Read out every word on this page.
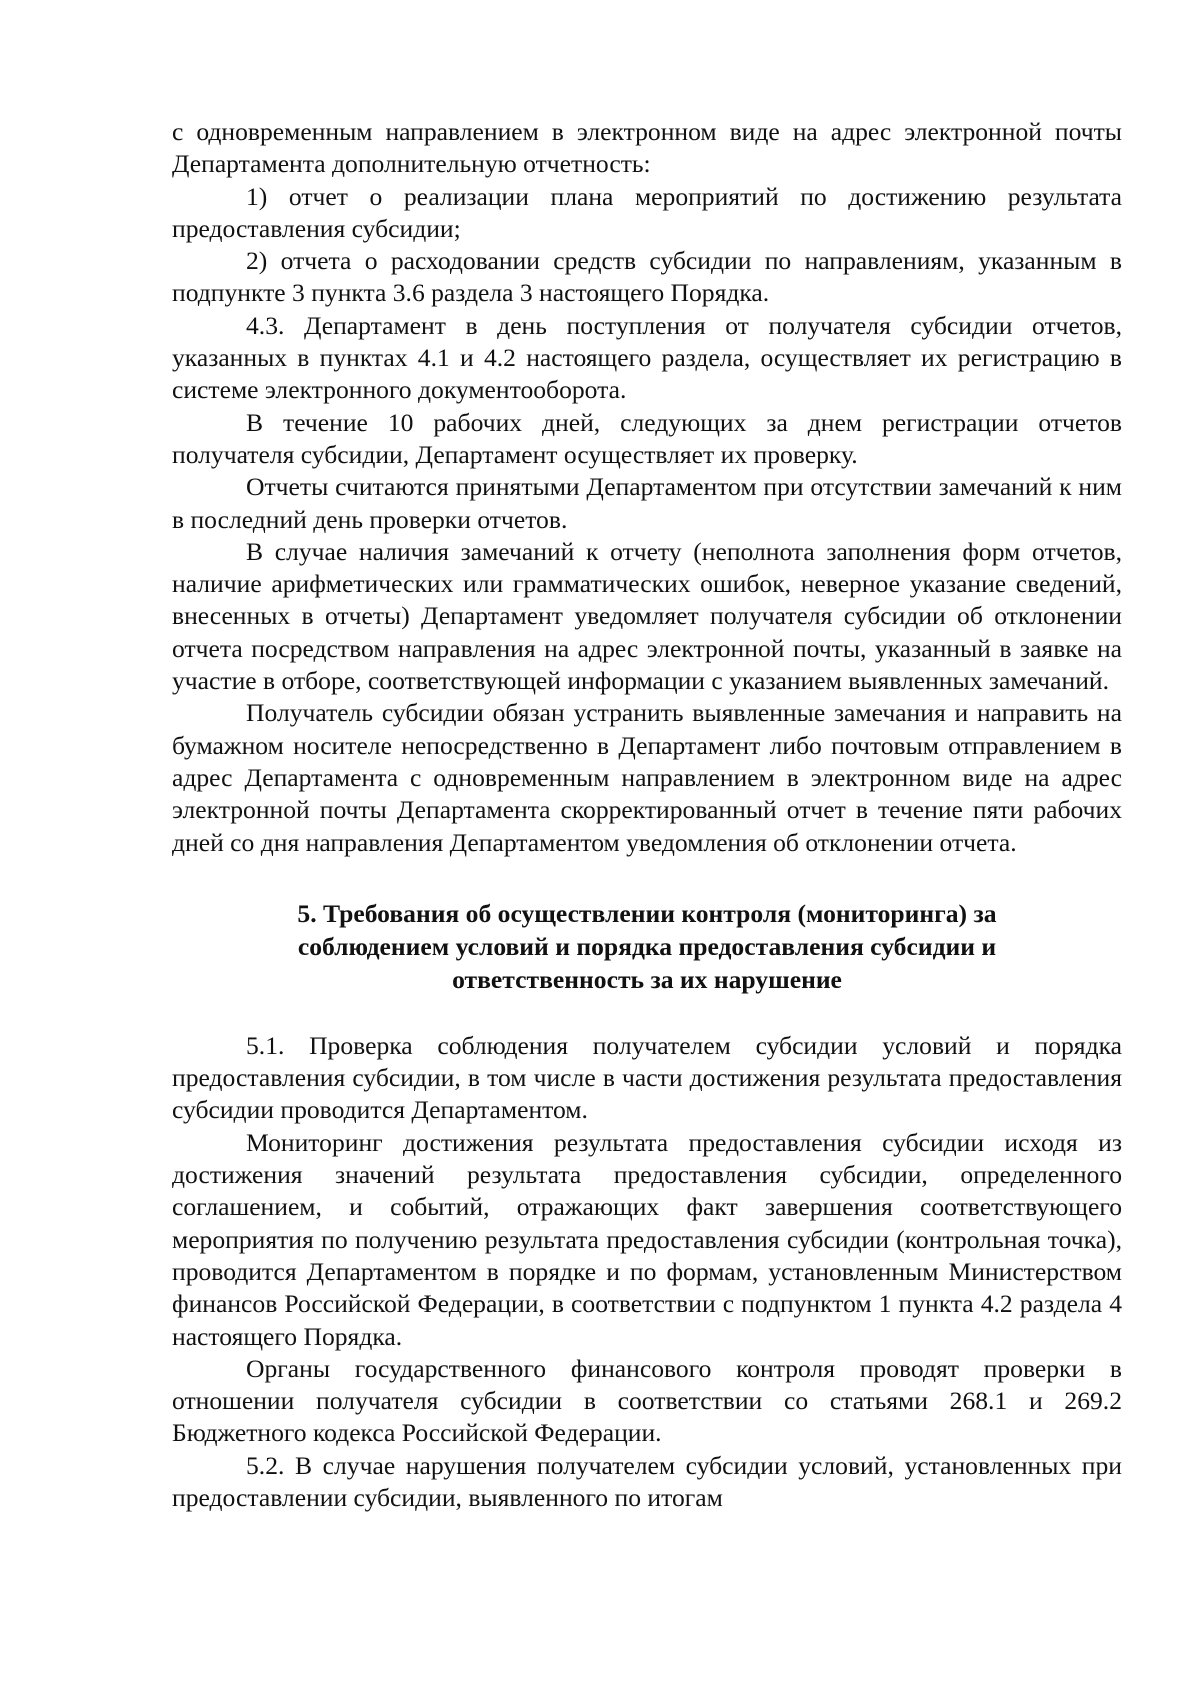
с одновременным направлением в электронном виде на адрес электронной почты Департамента дополнительную отчетность:

1) отчет о реализации плана мероприятий по достижению результата предоставления субсидии;

2) отчета о расходовании средств субсидии по направлениям, указанным в подпункте 3 пункта 3.6 раздела 3 настоящего Порядка.

4.3. Департамент в день поступления от получателя субсидии отчетов, указанных в пунктах 4.1 и 4.2 настоящего раздела, осуществляет их регистрацию в системе электронного документооборота.

В течение 10 рабочих дней, следующих за днем регистрации отчетов получателя субсидии, Департамент осуществляет их проверку.

Отчеты считаются принятыми Департаментом при отсутствии замечаний к ним в последний день проверки отчетов.

В случае наличия замечаний к отчету (неполнота заполнения форм отчетов, наличие арифметических или грамматических ошибок, неверное указание сведений, внесенных в отчеты) Департамент уведомляет получателя субсидии об отклонении отчета посредством направления на адрес электронной почты, указанный в заявке на участие в отборе, соответствующей информации с указанием выявленных замечаний.

Получатель субсидии обязан устранить выявленные замечания и направить на бумажном носителе непосредственно в Департамент либо почтовым отправлением в адрес Департамента с одновременным направлением в электронном виде на адрес электронной почты Департамента скорректированный отчет в течение пяти рабочих дней со дня направления Департаментом уведомления об отклонении отчета.

5. Требования об осуществлении контроля (мониторинга) за соблюдением условий и порядка предоставления субсидии и ответственность за их нарушение

5.1. Проверка соблюдения получателем субсидии условий и порядка предоставления субсидии, в том числе в части достижения результата предоставления субсидии проводится Департаментом.

Мониторинг достижения результата предоставления субсидии исходя из достижения значений результата предоставления субсидии, определенного соглашением, и событий, отражающих факт завершения соответствующего мероприятия по получению результата предоставления субсидии (контрольная точка), проводится Департаментом в порядке и по формам, установленным Министерством финансов Российской Федерации, в соответствии с подпунктом 1 пункта 4.2 раздела 4 настоящего Порядка.

Органы государственного финансового контроля проводят проверки в отношении получателя субсидии в соответствии со статьями 268.1 и 269.2 Бюджетного кодекса Российской Федерации.

5.2. В случае нарушения получателем субсидии условий, установленных при предоставлении субсидии, выявленного по итогам
